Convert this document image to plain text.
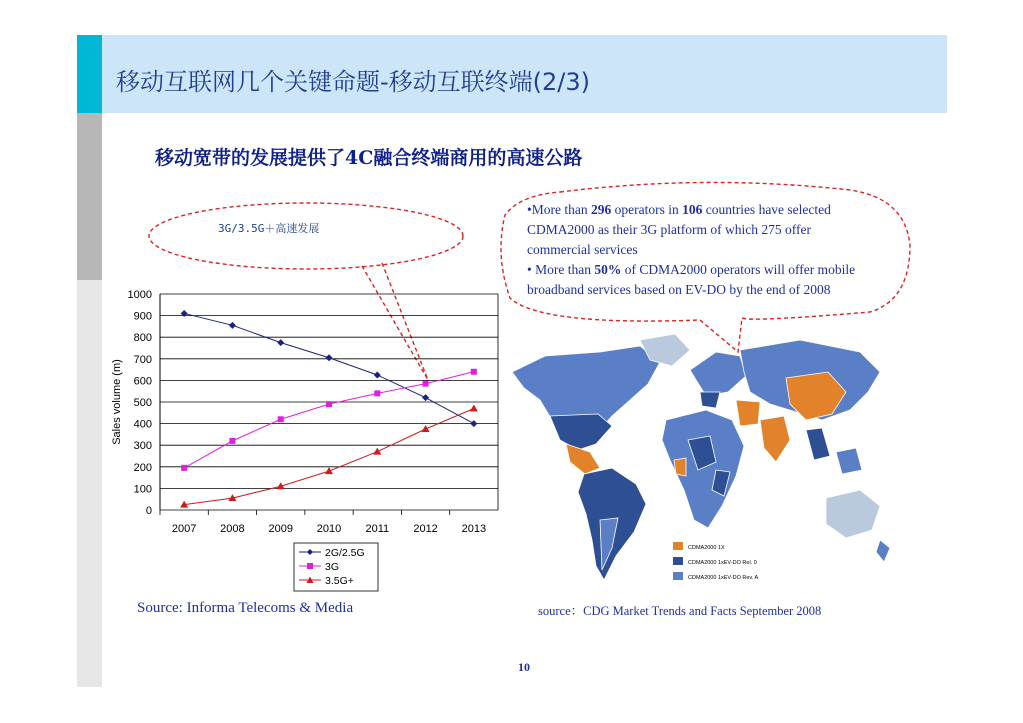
移动互联网几个关键命题-移动互联终端(2/3)
移动宽带的发展提供了4C融合终端商用的高速公路
3G/3.5G＋高速发展
•More than 296 operators in 106 countries have selected CDMA2000 as their 3G platform of which 275 offer commercial services
• More than 50% of CDMA2000 operators will offer mobile broadband services based on EV-DO by the end of 2008
0
100
200
300
400
500
600
700
800
900
1000
2007 2008 2009 2010 2011 2012 2013
Sales volume (m)
2G/2.5G
3G
3.5G+
CDMA2000 1X
CDMA2000 1xEV-DO Rel. 0
CDMA2000 1xEV-DO Rev. A
Source: Informa Telecoms & Media	source：CDG Market Trends and Facts September 2008
10
